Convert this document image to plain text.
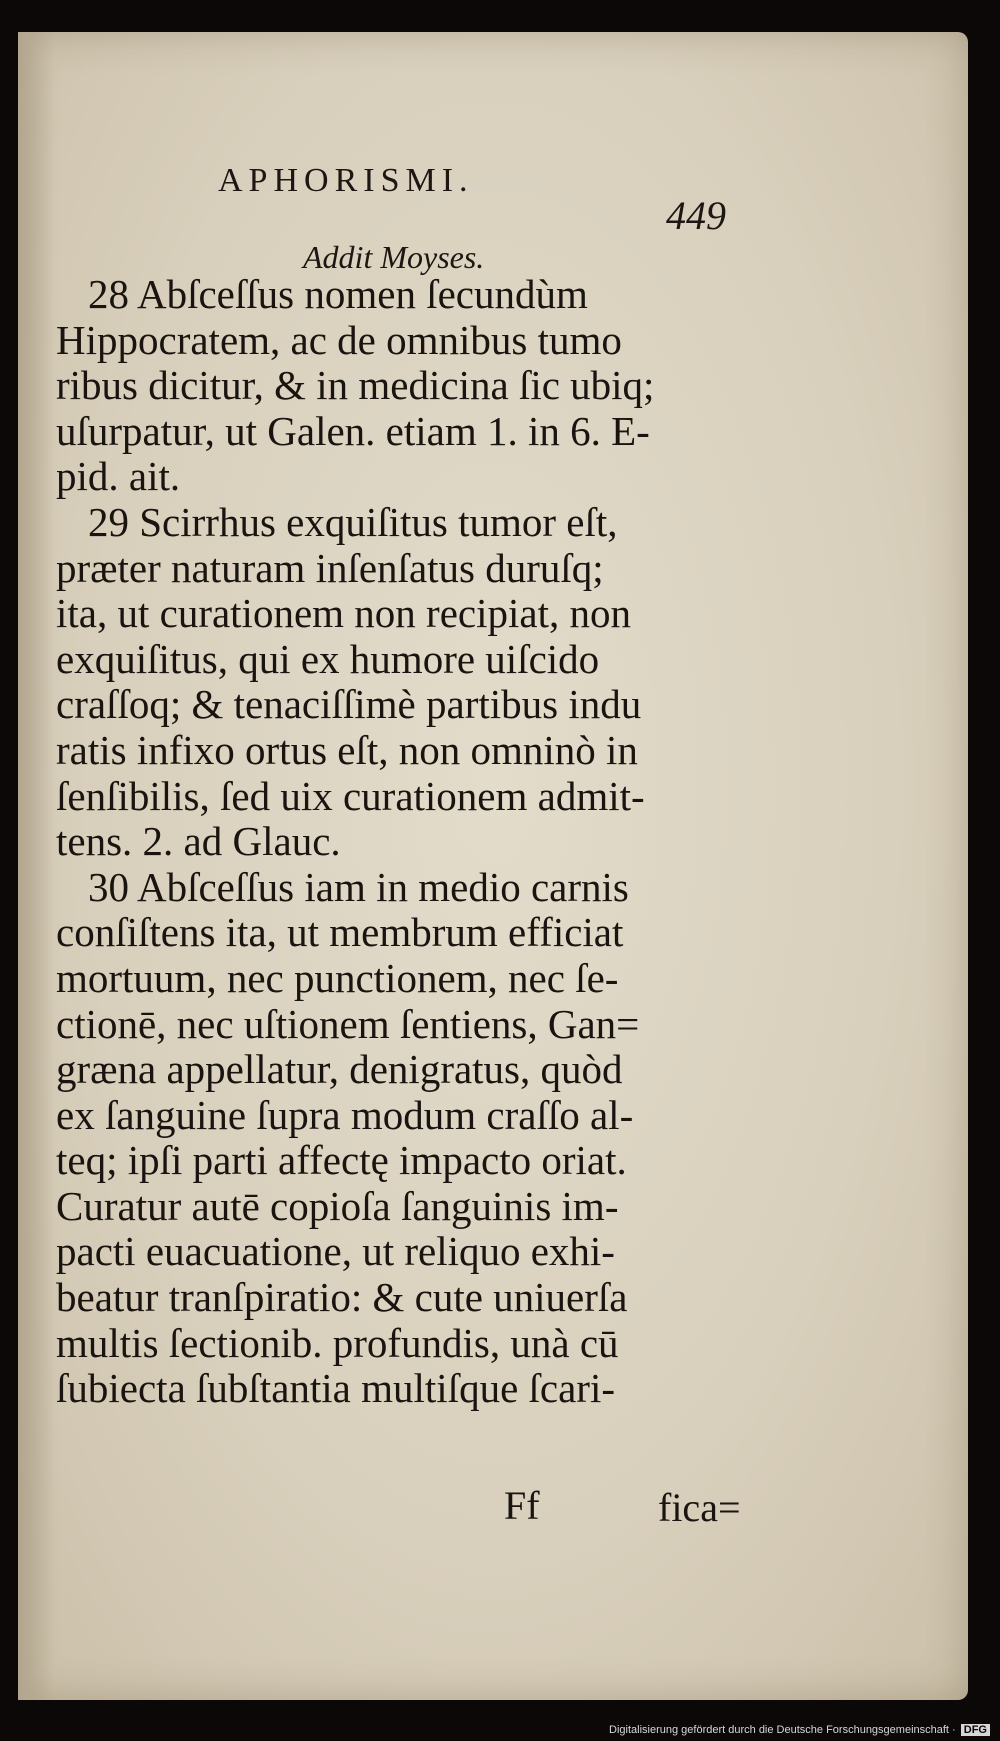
APHORISMI.
449
Addit Moyses.
28 Abſceſſus nomen ſecundùm
Hippocratem, ac de omnibus tumo
ribus dicitur, & in medicina ſic ubiq;
uſurpatur, ut Galen. etiam 1. in 6. E-
pid. ait.
29 Scirrhus exquiſitus tumor eſt,
præter naturam inſenſatus duruſq;
ita, ut curationem non recipiat, non
exquiſitus, qui ex humore uiſcido
craſſoq; & tenaciſſimè partibus indu
ratis infixo ortus eſt, non omninò in
ſenſibilis, ſed uix curationem admit-
tens. 2. ad Glauc.
30 Abſceſſus iam in medio carnis
conſiſtens ita, ut membrum efficiat
mortuum, nec punctionem, nec ſe-
ctionē, nec uſtionem ſentiens, Gan=
græna appellatur, denigratus, quòd
ex ſanguine ſupra modum craſſo al-
teq; ipſi parti affectę impacto oriat.
Curatur autē copioſa ſanguinis im-
pacti euacuatione, ut reliquo exhi-
beatur tranſpiratio: & cute uniuerſa
multis ſectionib. profundis, unà cū
ſubiecta ſubſtantia multiſque ſcari-
Ff	fica=
Digitalisierung gefördert durch die Deutsche Forschungsgemeinschaft · DFG
